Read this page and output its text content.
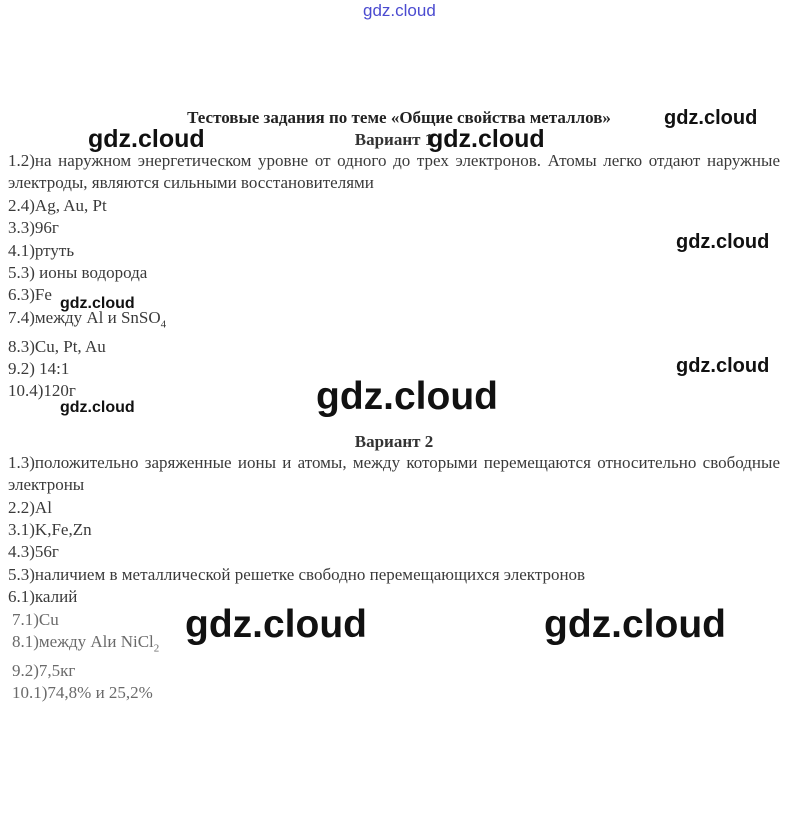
gdz.cloud

Тестовые задания по теме «Общие свойства металлов»

Вариант 1

1.2)на наружном энергетическом уровне от одного до трех электронов. Атомы легко отдают наружные электроды, являются сильными восстановителями
2.4)Ag, Au, Pt
3.3)96г
4.1)ртуть
5.3) ионы водорода
6.3)Fe
7.4)между Al и SnSO$_4$
8.3)Cu, Pt, Au
9.2) 14:1
10.4)120г

Вариант 2

1.3)положительно заряженные ионы и атомы, между которыми перемещаются относительно свободные электроны
2.2)Al
3.1)K,Fe,Zn
4.3)56г
5.3)наличием в металлической решетке свободно перемещающихся электронов
6.1)калий
7.1)Cu
8.1)между Alи NiCl$_2$
9.2)7,5кг
10.1)74,8% и 25,2%
gdz.cloud
gdz.cloud	gdz.cloud
gdz.cloud
gdz.cloud
gdz.cloud
gdz.cloud
gdz.cloud
gdz.cloud	gdz.cloud
